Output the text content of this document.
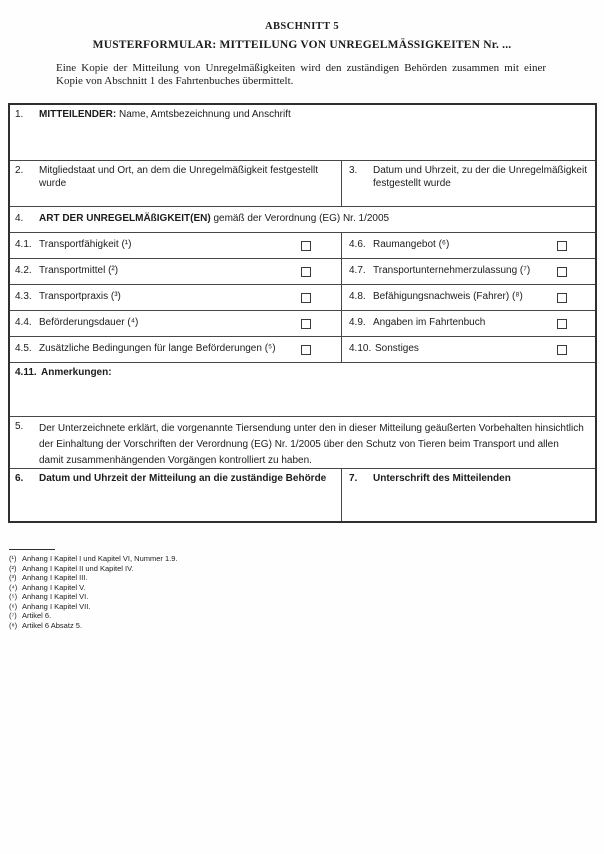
ABSCHNITT 5
MUSTERFORMULAR: MITTEILUNG VON UNREGELMÄSSIGKEITEN Nr. ...

Eine Kopie der Mitteilung von Unregelmäßigkeiten wird den zuständigen Behörden zusammen mit einer Kopie von Abschnitt 1 des Fahrtenbuches übermittelt.

1.	MITTEILENDER: Name, Amtsbezeichnung und Anschrift
2.	Mitgliedstaat und Ort, an dem die Unregelmäßigkeit festgestellt wurde
3.	Datum und Uhrzeit, zu der die Unregelmäßigkeit festgestellt wurde
4.	ART DER UNREGELMÄßIGKEIT(EN) gemäß der Verordnung (EG) Nr. 1/2005
4.1. Transportfähigkeit (¹)	4.6. Raumangebot (⁶)
4.2. Transportmittel (²)	4.7. Transportunternehmerzulassung (⁷)
4.3. Transportpraxis (³)	4.8. Befähigungsnachweis (Fahrer) (⁸)
4.4. Beförderungsdauer (⁴)	4.9. Angaben im Fahrtenbuch
4.5. Zusätzliche Bedingungen für lange Beförderungen (⁵)	4.10. Sonstiges
4.11. Anmerkungen:
5.	Der Unterzeichnete erklärt, die vorgenannte Tiersendung unter den in dieser Mitteilung geäußerten Vorbehalten hinsichtlich der Einhaltung der Vorschriften der Verordnung (EG) Nr. 1/2005 über den Schutz von Tieren beim Transport und allen damit zusammenhängenden Vorgängen kontrolliert zu haben.
6.	Datum und Uhrzeit der Mitteilung an die zuständige Behörde	7.	Unterschrift des Mitteilenden
(¹) Anhang I Kapitel I und Kapitel VI, Nummer 1.9.
(²) Anhang I Kapitel II und Kapitel IV.
(³) Anhang I Kapitel III.
(⁴) Anhang I Kapitel V.
(⁵) Anhang I Kapitel VI.
(⁶) Anhang I Kapitel VII.
(⁷) Artikel 6.
(⁸) Artikel 6 Absatz 5.
